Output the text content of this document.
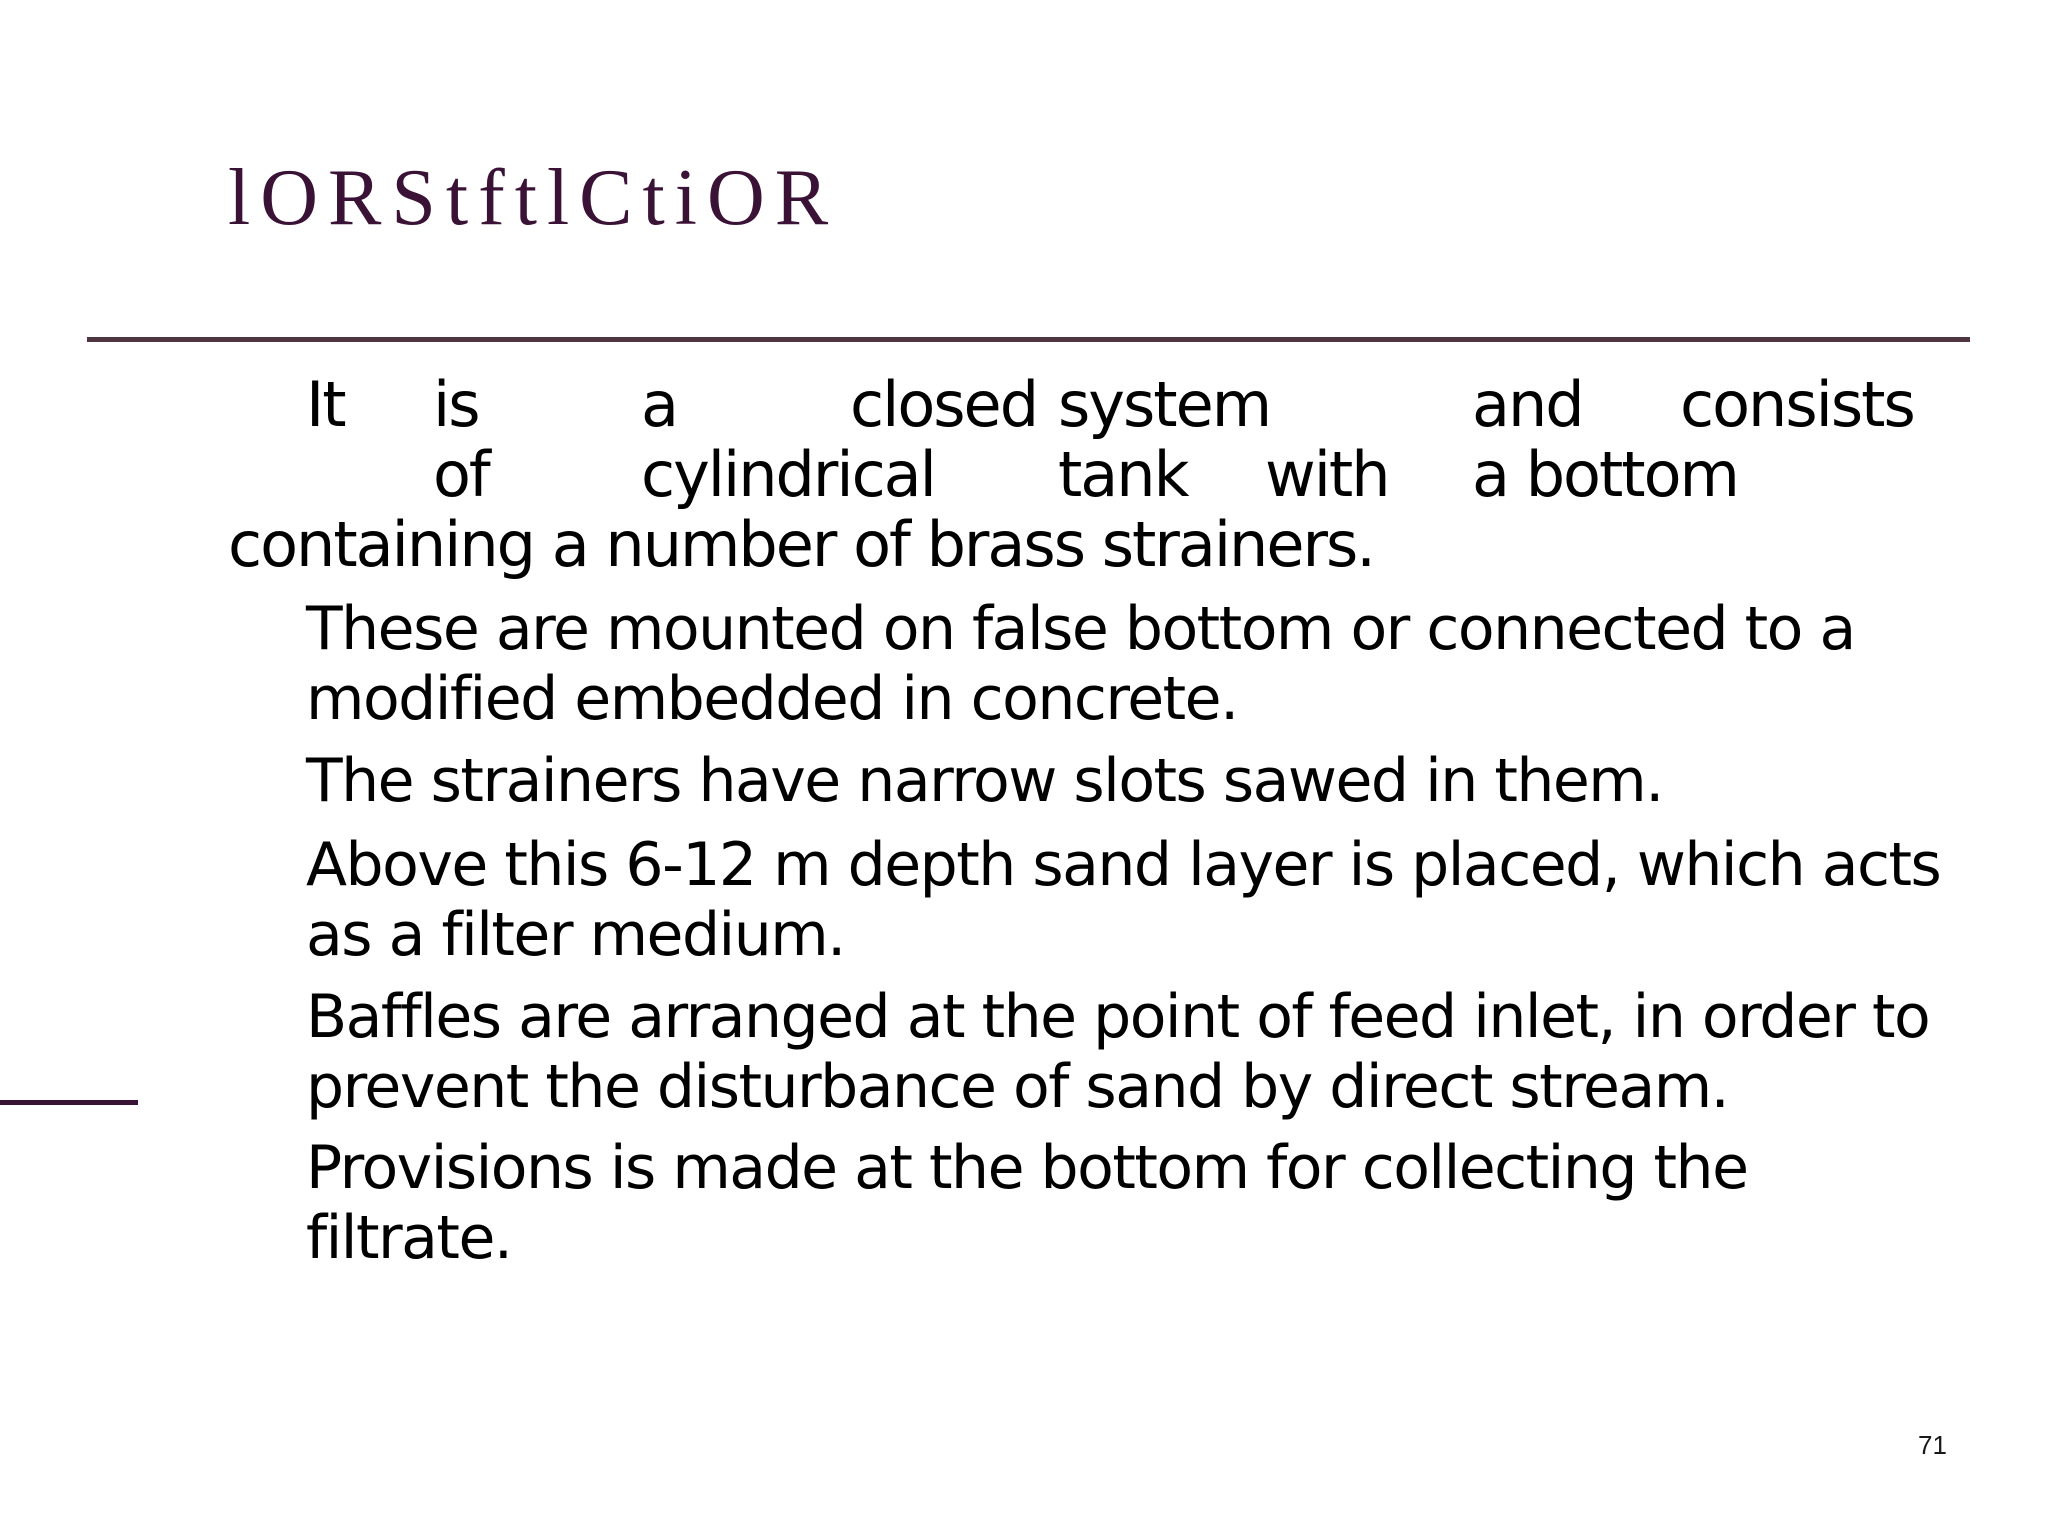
lORStftlCtiOR
It is	a	closed system	and consists
of cylindrical tank with a bottom
containing a number of brass strainers.

These are mounted on false bottom or connected to a modified embedded in concrete.

The strainers have narrow slots sawed in them.

Above this 6-12 m depth sand layer is placed, which acts as a filter medium.

Baffles are arranged at the point of feed inlet, in order to prevent the disturbance of sand by direct stream.

Provisions is made at the bottom for collecting the filtrate.

71
